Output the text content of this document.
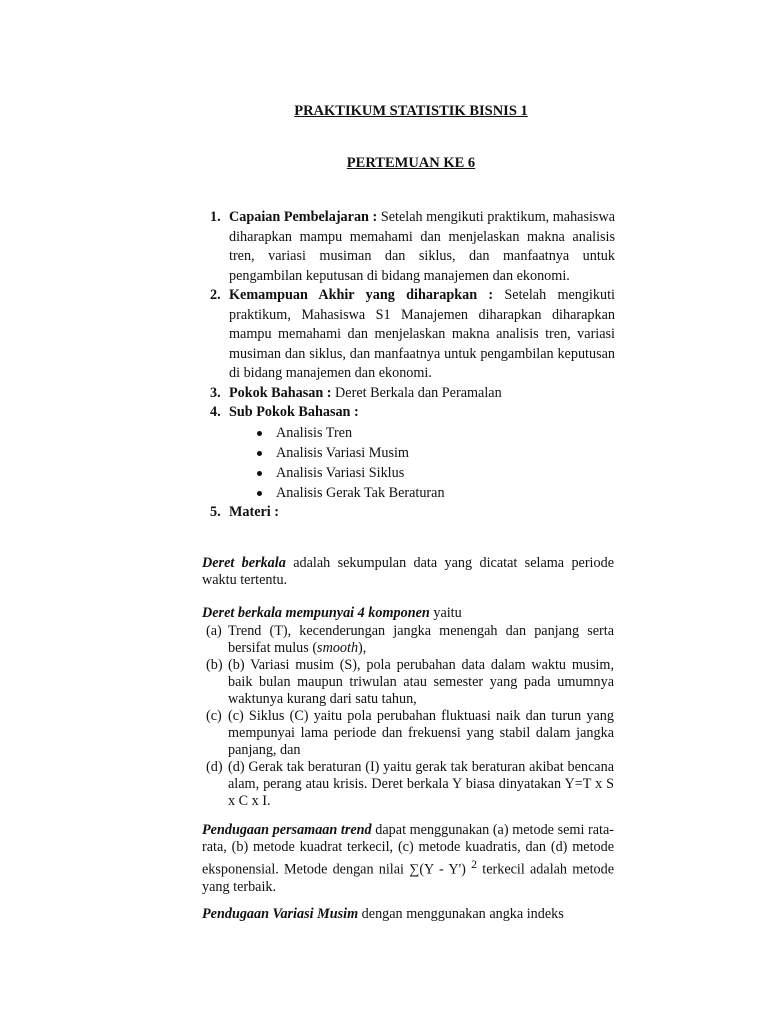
PRAKTIKUM STATISTIK BISNIS 1
PERTEMUAN KE 6
1. Capaian Pembelajaran : Setelah mengikuti praktikum, mahasiswa diharapkan mampu memahami dan menjelaskan makna analisis tren, variasi musiman dan siklus, dan manfaatnya untuk pengambilan keputusan di bidang manajemen dan ekonomi.
2. Kemampuan Akhir yang diharapkan : Setelah mengikuti praktikum, Mahasiswa S1 Manajemen diharapkan diharapkan mampu memahami dan menjelaskan makna analisis tren, variasi musiman dan siklus, dan manfaatnya untuk pengambilan keputusan di bidang manajemen dan ekonomi.
3. Pokok Bahasan : Deret Berkala dan Peramalan
4. Sub Pokok Bahasan :
Analisis Tren
Analisis Variasi Musim
Analisis Variasi Siklus
Analisis Gerak Tak Beraturan
5. Materi :
Deret berkala adalah sekumpulan data yang dicatat selama periode waktu tertentu.
Deret berkala mempunyai 4 komponen yaitu
(a) Trend (T), kecenderungan jangka menengah dan panjang serta bersifat mulus (smooth),
(b) (b) Variasi musim (S), pola perubahan data dalam waktu musim, baik bulan maupun triwulan atau semester yang pada umumnya waktunya kurang dari satu tahun,
(c) (c) Siklus (C) yaitu pola perubahan fluktuasi naik dan turun yang mempunyai lama periode dan frekuensi yang stabil dalam jangka panjang, dan
(d) (d) Gerak tak beraturan (I) yaitu gerak tak beraturan akibat bencana alam, perang atau krisis. Deret berkala Y biasa dinyatakan Y=T x S x C x I.
Pendugaan persamaan trend dapat menggunakan (a) metode semi rata-rata, (b) metode kuadrat terkecil, (c) metode kuadratis, dan (d) metode eksponensial. Metode dengan nilai ∑(Y - Y') $^2$ terkecil adalah metode yang terbaik.
Pendugaan Variasi Musim dengan menggunakan angka indeks
